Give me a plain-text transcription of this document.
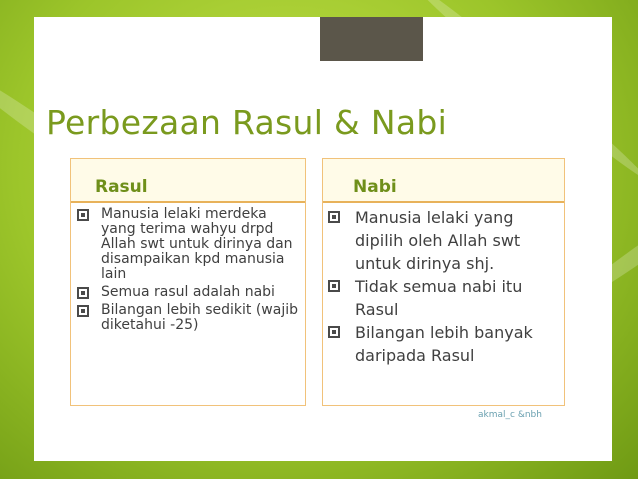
Perbezaan Rasul & Nabi
Rasul
Manusia lelaki merdeka yang terima wahyu drpd Allah swt untuk dirinya dan disampaikan kpd manusia lain
Semua rasul adalah nabi
Bilangan lebih sedikit (wajib diketahui -25)
Nabi
Manusia lelaki yang dipilih oleh Allah swt untuk dirinya shj.
Tidak semua nabi itu Rasul
Bilangan lebih banyak daripada Rasul
akmal_c &nbh
